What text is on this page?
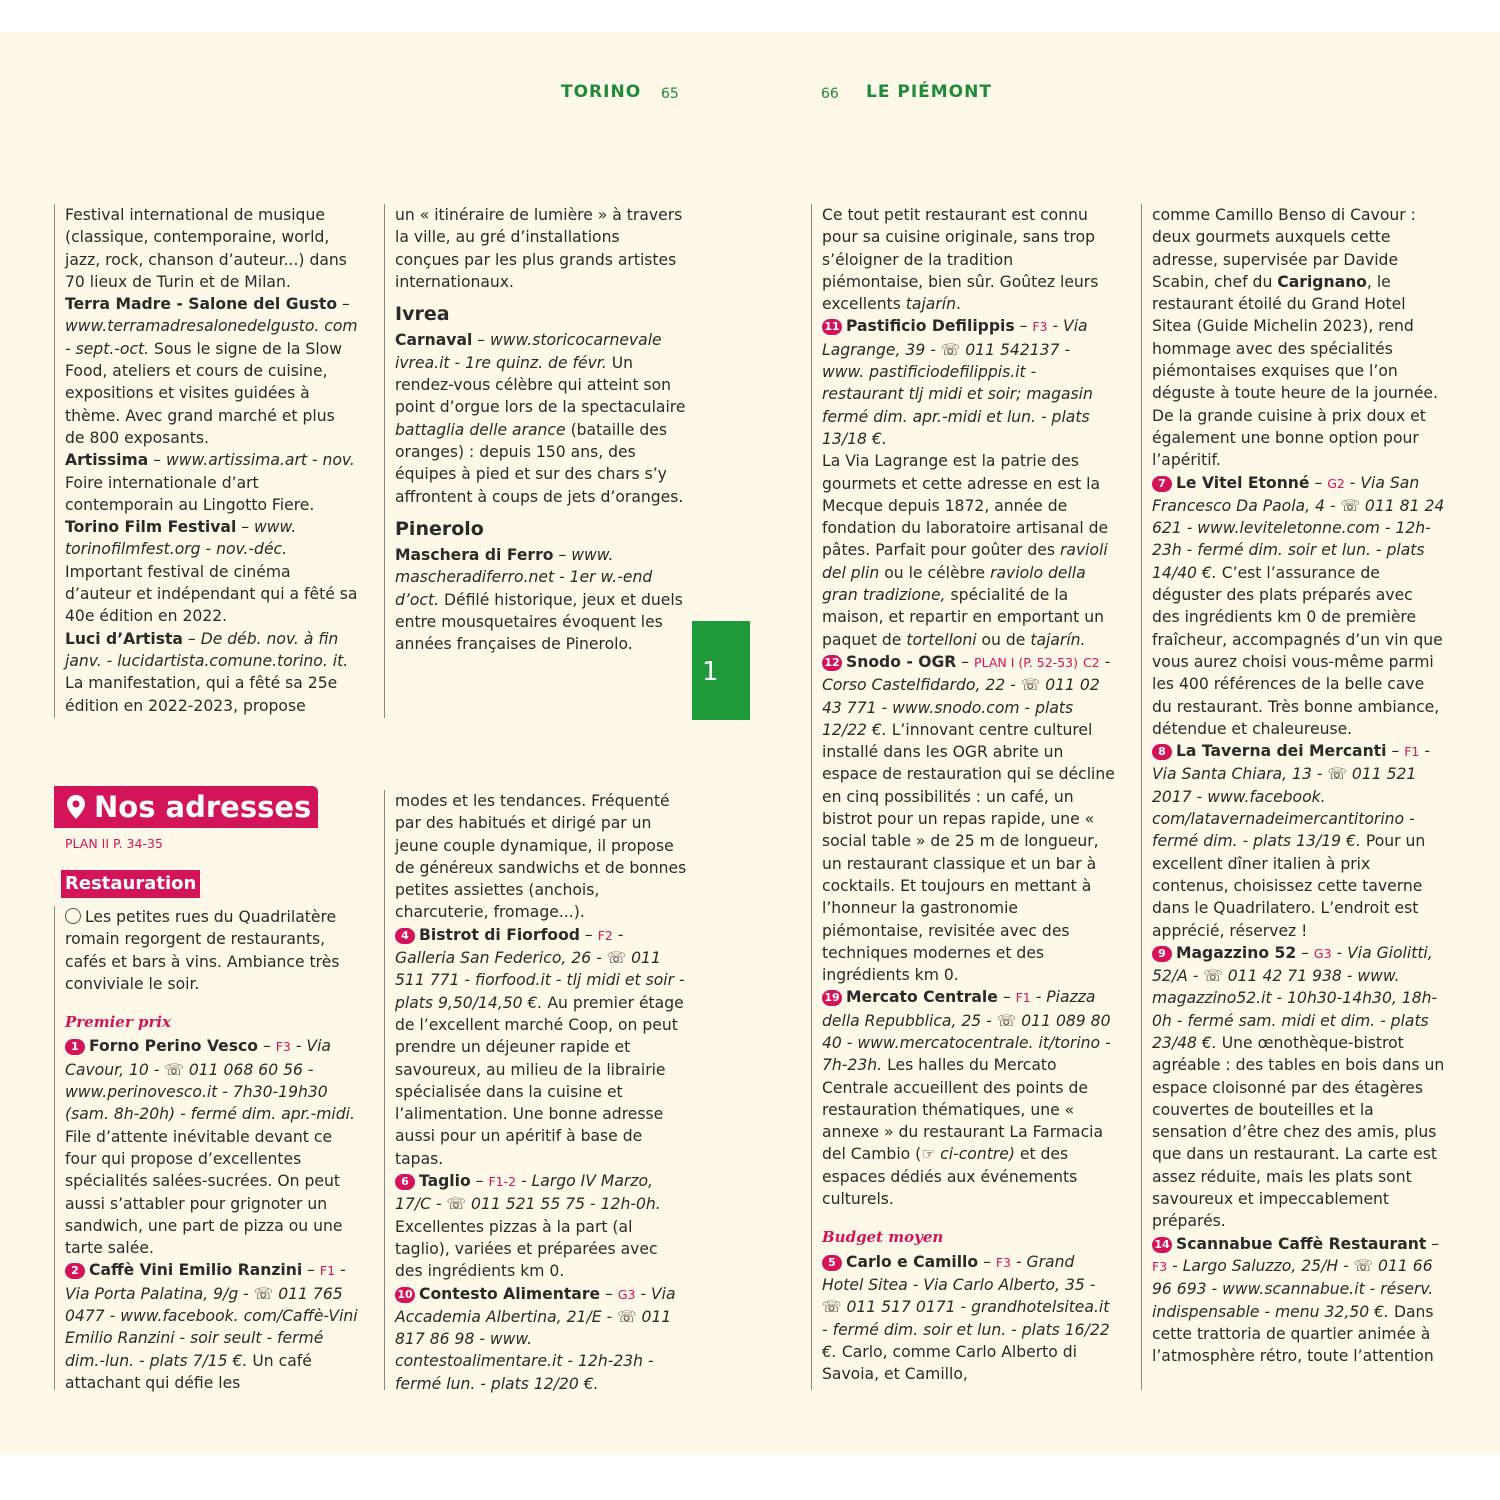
TORINO 65	66 LE PIÉMONT
1

Festival international de musique (classique, contemporaine, world, jazz, rock, chanson d’auteur...) dans 70 lieux de Turin et de Milan.

Terra Madre - Salone del Gusto – www.terramadresalonedelgusto. com - sept.-oct. Sous le signe de la Slow Food, ateliers et cours de cuisine, expositions et visites guidées à thème. Avec grand marché et plus de 800 exposants.

Artissima – www.artissima.art - nov. Foire internationale d’art contemporain au Lingotto Fiere.

Torino Film Festival – www. torinofilmfest.org - nov.-déc. Important festival de cinéma d’auteur et indépendant qui a fêté sa 40e édition en 2022.

Luci d’Artista – De déb. nov. à fin janv. - lucidartista.comune.torino. it. La manifestation, qui a fêté sa 25e édition en 2022-2023, propose

un « itinéraire de lumière » à travers la ville, au gré d’installations conçues par les plus grands artistes internationaux.

Ivrea

Carnaval – www.storicocarnevale ivrea.it - 1re quinz. de févr. Un rendez-vous célèbre qui atteint son point d’orgue lors de la spectaculaire battaglia delle arance (bataille des oranges) : depuis 150 ans, des équipes à pied et sur des chars s’y affrontent à coups de jets d’oranges.

Pinerolo

Maschera di Ferro – www. mascheradiferro.net - 1er w.-end d’oct. Défilé historique, jeux et duels entre mousquetaires évoquent les années françaises de Pinerolo.

Nos adresses
PLAN II P. 34-35
Restauration

Les petites rues du Quadrilatère romain regorgent de restaurants, cafés et bars à vins. Ambiance très conviviale le soir.

Premier prix

1 Forno Perino Vesco – F3 - Via Cavour, 10 - ☏ 011 068 60 56 - www.perinovesco.it - 7h30-19h30 (sam. 8h-20h) - fermé dim. apr.-midi. File d’attente inévitable devant ce four qui propose d’excellentes spécialités salées-sucrées. On peut aussi s’attabler pour grignoter un sandwich, une part de pizza ou une tarte salée.

2 Caffè Vini Emilio Ranzini – F1 - Via Porta Palatina, 9/g - ☏ 011 765 0477 - www.facebook. com/Caffè-Vini Emilio Ranzini - soir seult - fermé dim.-lun. - plats 7/15 €. Un café attachant qui défie les

modes et les tendances. Fréquenté par des habitués et dirigé par un jeune couple dynamique, il propose de généreux sandwichs et de bonnes petites assiettes (anchois, charcuterie, fromage...).

4 Bistrot di Fiorfood – F2 - Galleria San Federico, 26 - ☏ 011 511 771 - fiorfood.it - tlj midi et soir - plats 9,50/14,50 €. Au premier étage de l’excellent marché Coop, on peut prendre un déjeuner rapide et savoureux, au milieu de la librairie spécialisée dans la cuisine et l’alimentation. Une bonne adresse aussi pour un apéritif à base de tapas.

6 Taglio – F1-2 - Largo IV Marzo, 17/C - ☏ 011 521 55 75 - 12h-0h. Excellentes pizzas à la part (al taglio), variées et préparées avec des ingrédients km 0.

10 Contesto Alimentare – G3 - Via Accademia Albertina, 21/E - ☏ 011 817 86 98 - www. contestoalimentare.it - 12h-23h - fermé lun. - plats 12/20 €.

Ce tout petit restaurant est connu pour sa cuisine originale, sans trop s’éloigner de la tradition piémontaise, bien sûr. Goûtez leurs excellents tajarín.

11 Pastificio Defilippis – F3 - Via Lagrange, 39 - ☏ 011 542137 - www. pastificiodefilippis.it - restaurant tlj midi et soir; magasin fermé dim. apr.-midi et lun. - plats 13/18 €.
La Via Lagrange est la patrie des gourmets et cette adresse en est la Mecque depuis 1872, année de fondation du laboratoire artisanal de pâtes. Parfait pour goûter des ravioli del plin ou le célèbre raviolo della gran tradizione, spécialité de la maison, et repartir en emportant un paquet de tortelloni ou de tajarín.

12 Snodo - OGR – PLAN I (P. 52-53) C2 - Corso Castelfidardo, 22 - ☏ 011 02 43 771 - www.snodo.com - plats 12/22 €. L’innovant centre culturel installé dans les OGR abrite un espace de restauration qui se décline en cinq possibilités : un café, un bistrot pour un repas rapide, une « social table » de 25 m de longueur, un restaurant classique et un bar à cocktails. Et toujours en mettant à l’honneur la gastronomie piémontaise, revisitée avec des techniques modernes et des ingrédients km 0.

19 Mercato Centrale – F1 - Piazza della Repubblica, 25 - ☏ 011 089 80 40 - www.mercatocentrale. it/torino - 7h-23h. Les halles du Mercato Centrale accueillent des points de restauration thématiques, une « annexe » du restaurant La Farmacia del Cambio (☞ ci-contre) et des espaces dédiés aux événements culturels.

Budget moyen

5 Carlo e Camillo – F3 - Grand Hotel Sitea - Via Carlo Alberto, 35 - ☏ 011 517 0171 - grandhotelsitea.it - fermé dim. soir et lun. - plats 16/22 €. Carlo, comme Carlo Alberto di Savoia, et Camillo,

comme Camillo Benso di Cavour : deux gourmets auxquels cette adresse, supervisée par Davide Scabin, chef du Carignano, le restaurant étoilé du Grand Hotel Sitea (Guide Michelin 2023), rend hommage avec des spécialités piémontaises exquises que l’on déguste à toute heure de la journée. De la grande cuisine à prix doux et également une bonne option pour l’apéritif.

7 Le Vitel Etonné – G2 - Via San Francesco Da Paola, 4 - ☏ 011 81 24 621 - www.leviteletonne.com - 12h-23h - fermé dim. soir et lun. - plats 14/40 €. C’est l’assurance de déguster des plats préparés avec des ingrédients km 0 de première fraîcheur, accompagnés d’un vin que vous aurez choisi vous-même parmi les 400 références de la belle cave du restaurant. Très bonne ambiance, détendue et chaleureuse.

8 La Taverna dei Mercanti – F1 - Via Santa Chiara, 13 - ☏ 011 521 2017 - www.facebook. com/latavernadeimercantitorino - fermé dim. - plats 13/19 €. Pour un excellent dîner italien à prix contenus, choisissez cette taverne dans le Quadrilatero. L’endroit est apprécié, réservez !

9 Magazzino 52 – G3 - Via Giolitti, 52/A - ☏ 011 42 71 938 - www. magazzino52.it - 10h30-14h30, 18h-0h - fermé sam. midi et dim. - plats 23/48 €. Une œnothèque-bistrot agréable : des tables en bois dans un espace cloisonné par des étagères couvertes de bouteilles et la sensation d’être chez des amis, plus que dans un restaurant. La carte est assez réduite, mais les plats sont savoureux et impeccablement préparés.

14 Scannabue Caffè Restaurant – F3 - Largo Saluzzo, 25/H - ☏ 011 66 96 693 - www.scannabue.it - réserv. indispensable - menu 32,50 €. Dans cette trattoria de quartier animée à l’atmosphère rétro, toute l’attention
